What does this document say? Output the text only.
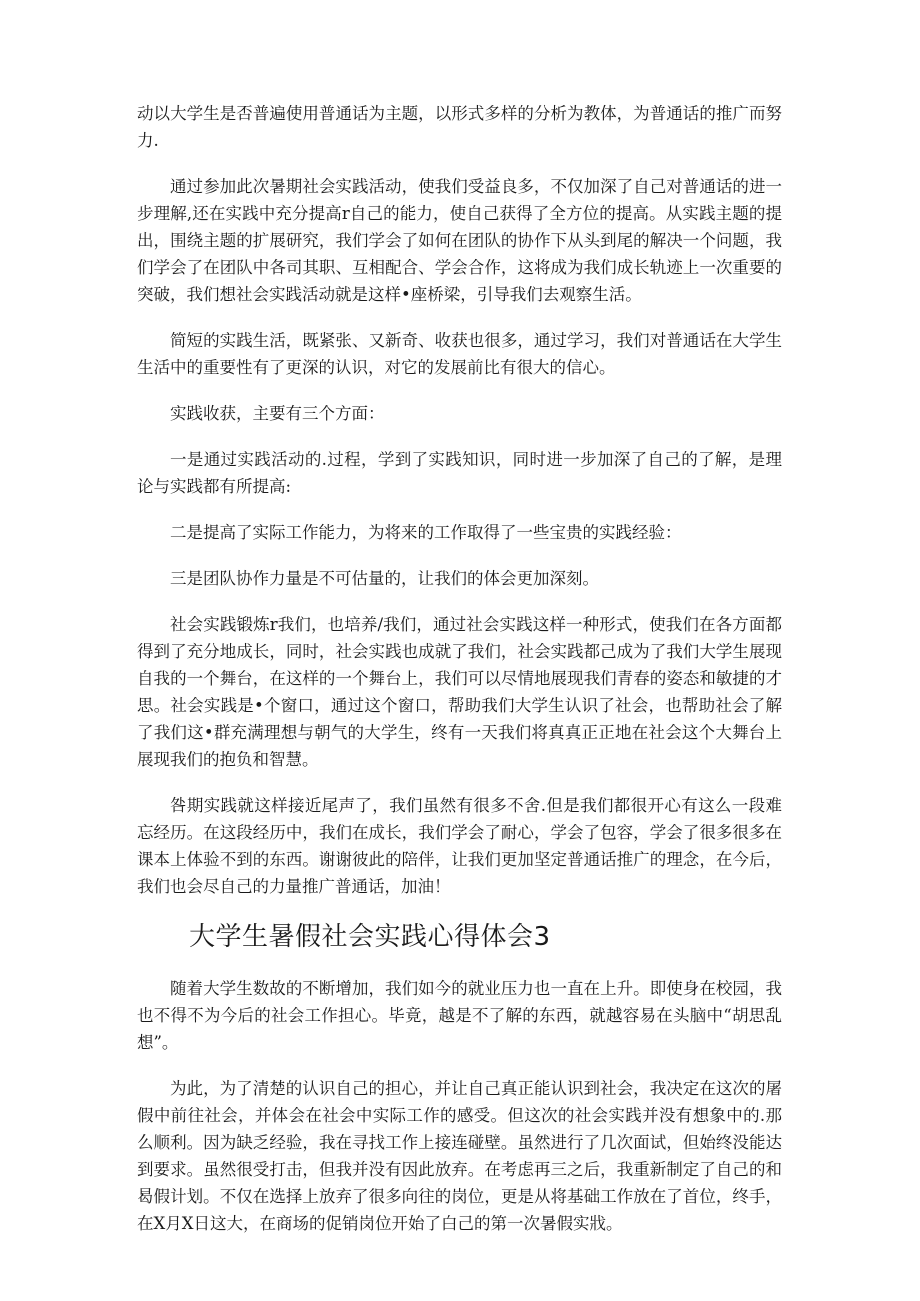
动以大学生是否普遍使用普通话为主题，以形式多样的分析为教体，为普通话的推广而努力.

通过参加此次暑期社会实践活动，使我们受益良多，不仅加深了自己对普通话的进一步理解,还在实践中充分提高r自己的能力，使自己获得了全方位的提高。从实践主题的提出，围绕主题的扩展研究，我们学会了如何在团队的协作下从头到尾的解决一个问题，我们学会了在团队中各司其职、互相配合、学会合作，这将成为我们成长轨迹上一次重要的突破，我们想社会实践活动就是这样•座桥梁，引导我们去观察生活。

简短的实践生活，既紧张、又新奇、收获也很多，通过学习，我们对普通话在大学生生活中的重要性有了更深的认识，对它的发展前比有很大的信心。

实践收获，主要有三个方面：

一是通过实践活动的.过程，学到了实践知识，同时进一步加深了自己的了解，是理论与实践都有所提高:

二是提高了实际工作能力，为将来的工作取得了一些宝贵的实践经验：

三是团队协作力量是不可估量的，让我们的体会更加深刻。

社会实践锻炼r我们，也培养/我们，通过社会实践这样一种形式，使我们在各方面都得到了充分地成长，同时，社会实践也成就了我们，社会实践都己成为了我们大学生展现自我的一个舞台，在这样的一个舞台上，我们可以尽情地展现我们青春的姿态和敏捷的才思。社会实践是•个窗口，通过这个窗口，帮助我们大学生认识了社会，也帮助社会了解了我们这•群充满理想与朝气的大学生，终有一天我们将真真正正地在社会这个大舞台上展现我们的抱负和智慧。

咎期实践就这样接近尾声了，我们虽然有很多不舍.但是我们都很开心有这么一段难忘经历。在这段经历中，我们在成长，我们学会了耐心，学会了包容，学会了很多很多在课本上体验不到的东西。谢谢彼此的陪伴，让我们更加坚定普通话推广的理念，在今后，我们也会尽自己的力量推广普通话，加油！

大学生暑假社会实践心得体会3

随着大学生数故的不断增加，我们如今的就业压力也一直在上升。即使身在校园，我也不得不为今后的社会工作担心。毕竟，越是不了解的东西，就越容易在头脑中“胡思乱想”。

为此，为了清楚的认识自己的担心，并让自己真正能认识到社会，我决定在这次的屠假中前往社会，并体会在社会中实际工作的感受。但这次的社会实践并没有想象中的.那么顺利。因为缺乏经验，我在寻找工作上接连碰壁。虽然进行了几次面试，但始终没能达到要求。虽然很受打击，但我并没有因此放弃。在考虑再三之后，我重新制定了自己的和曷假计划。不仅在选择上放弃了很多向往的岗位，更是从将基础工作放在了首位，终手，在X月X日这大，在商场的促销岗位开始了白己的第一次暑假实戕。
